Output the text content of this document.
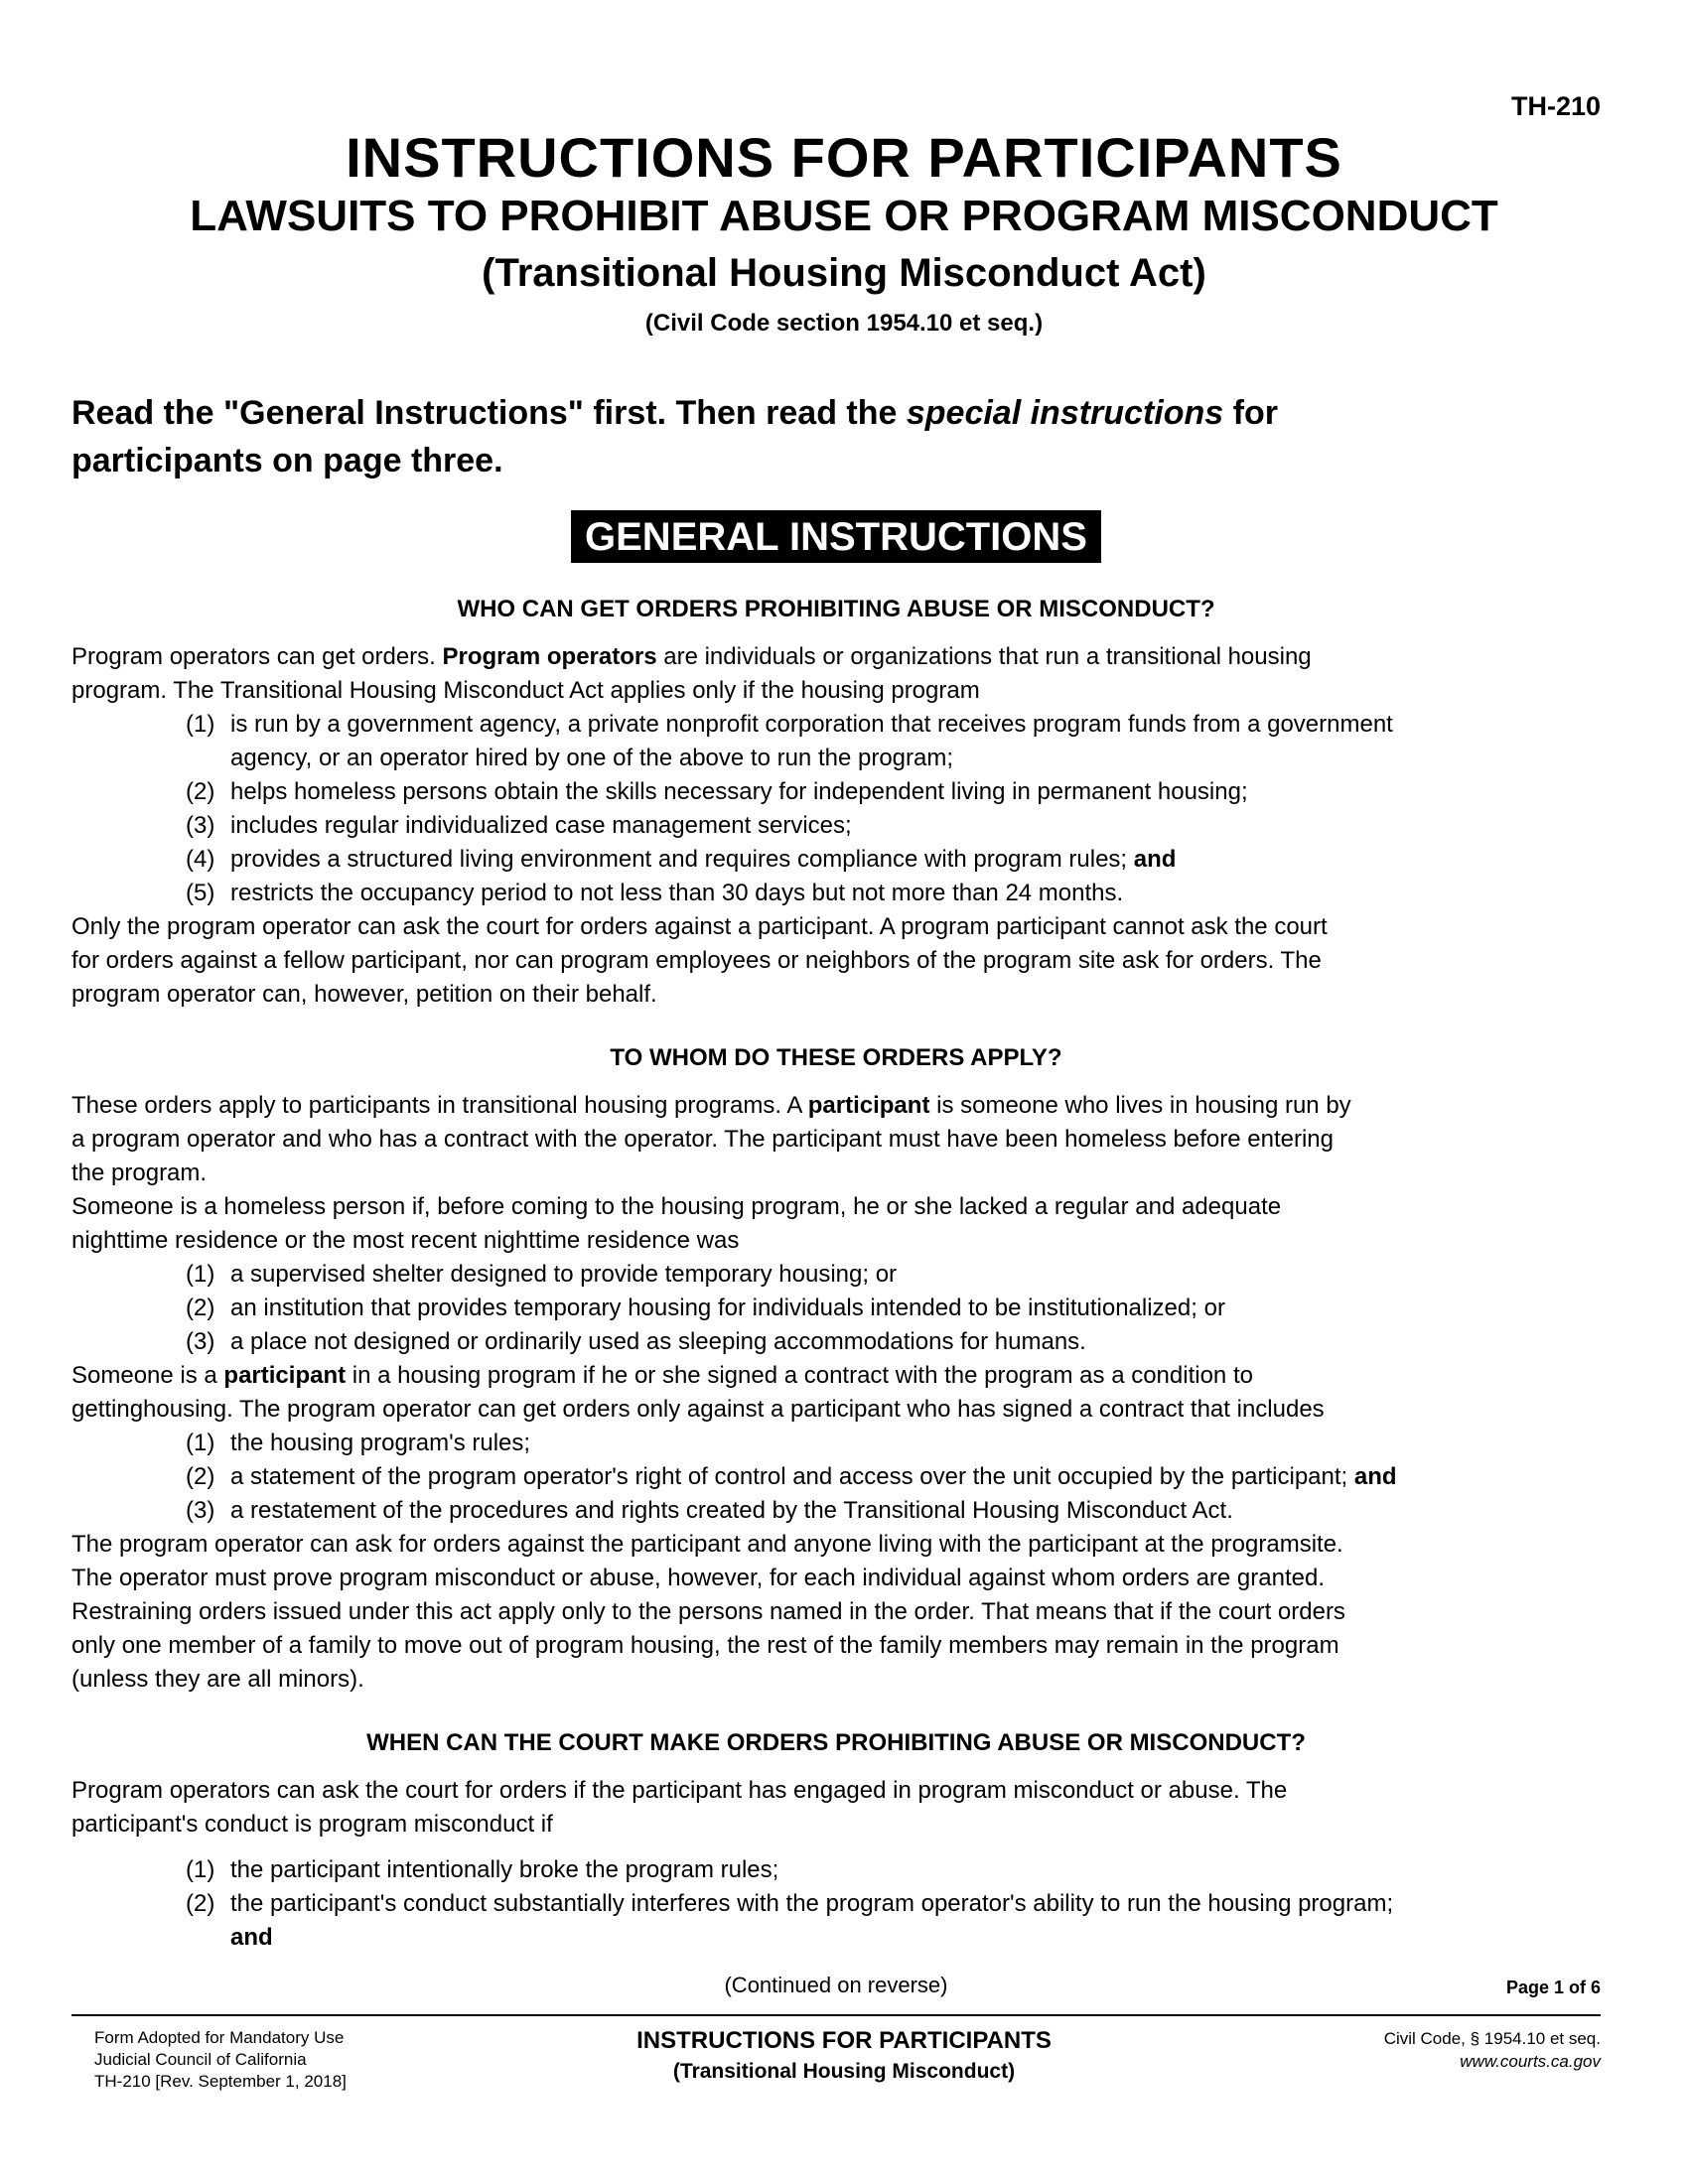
TH-210
INSTRUCTIONS FOR PARTICIPANTS
LAWSUITS TO PROHIBIT ABUSE OR PROGRAM MISCONDUCT
(Transitional Housing Misconduct Act)
(Civil Code section 1954.10 et seq.)
Read the "General Instructions" first. Then read the special instructions for
participants on page three.
GENERAL INSTRUCTIONS
WHO CAN GET ORDERS PROHIBITING ABUSE OR MISCONDUCT?
Program operators can get orders. Program operators are individuals or organizations that run a transitional housing
program. The Transitional Housing Misconduct Act applies only if the housing program
(1) is run by a government agency, a private nonprofit corporation that receives program funds from a government
agency, or an operator hired by one of the above to run the program;
(2) helps homeless persons obtain the skills necessary for independent living in permanent housing;
(3) includes regular individualized case management services;
(4) provides a structured living environment and requires compliance with program rules; and
(5) restricts the occupancy period to not less than 30 days but not more than 24 months.
Only the program operator can ask the court for orders against a participant. A program participant cannot ask the court
for orders against a fellow participant, nor can program employees or neighbors of the program site ask for orders. The
program operator can, however, petition on their behalf.
TO WHOM DO THESE ORDERS APPLY?
These orders apply to participants in transitional housing programs. A participant is someone who lives in housing run by
a program operator and who has a contract with the operator. The participant must have been homeless before entering
the program.
Someone is a homeless person if, before coming to the housing program, he or she lacked a regular and adequate
nighttime residence or the most recent nighttime residence was
(1) a supervised shelter designed to provide temporary housing; or
(2) an institution that provides temporary housing for individuals intended to be institutionalized; or
(3) a place not designed or ordinarily used as sleeping accommodations for humans.
Someone is a participant in a housing program if he or she signed a contract with the program as a condition to
gettinghousing. The program operator can get orders only against a participant who has signed a contract that includes
(1) the housing program's rules;
(2) a statement of the program operator's right of control and access over the unit occupied by the participant; and
(3) a restatement of the procedures and rights created by the Transitional Housing Misconduct Act.
The program operator can ask for orders against the participant and anyone living with the participant at the programsite.
The operator must prove program misconduct or abuse, however, for each individual against whom orders are granted.
Restraining orders issued under this act apply only to the persons named in the order. That means that if the court orders
only one member of a family to move out of program housing, the rest of the family members may remain in the program
(unless they are all minors).
WHEN CAN THE COURT MAKE ORDERS PROHIBITING ABUSE OR MISCONDUCT?
Program operators can ask the court for orders if the participant has engaged in program misconduct or abuse. The
participant's conduct is program misconduct if
(1) the participant intentionally broke the program rules;
(2) the participant's conduct substantially interferes with the program operator's ability to run the housing program;
and
(Continued on reverse)	Page 1 of 6
Form Adopted for Mandatory Use
Judicial Council of California
TH-210 [Rev. September 1, 2018]
INSTRUCTIONS FOR PARTICIPANTS
(Transitional Housing Misconduct)
Civil Code, § 1954.10 et seq.
www.courts.ca.gov
